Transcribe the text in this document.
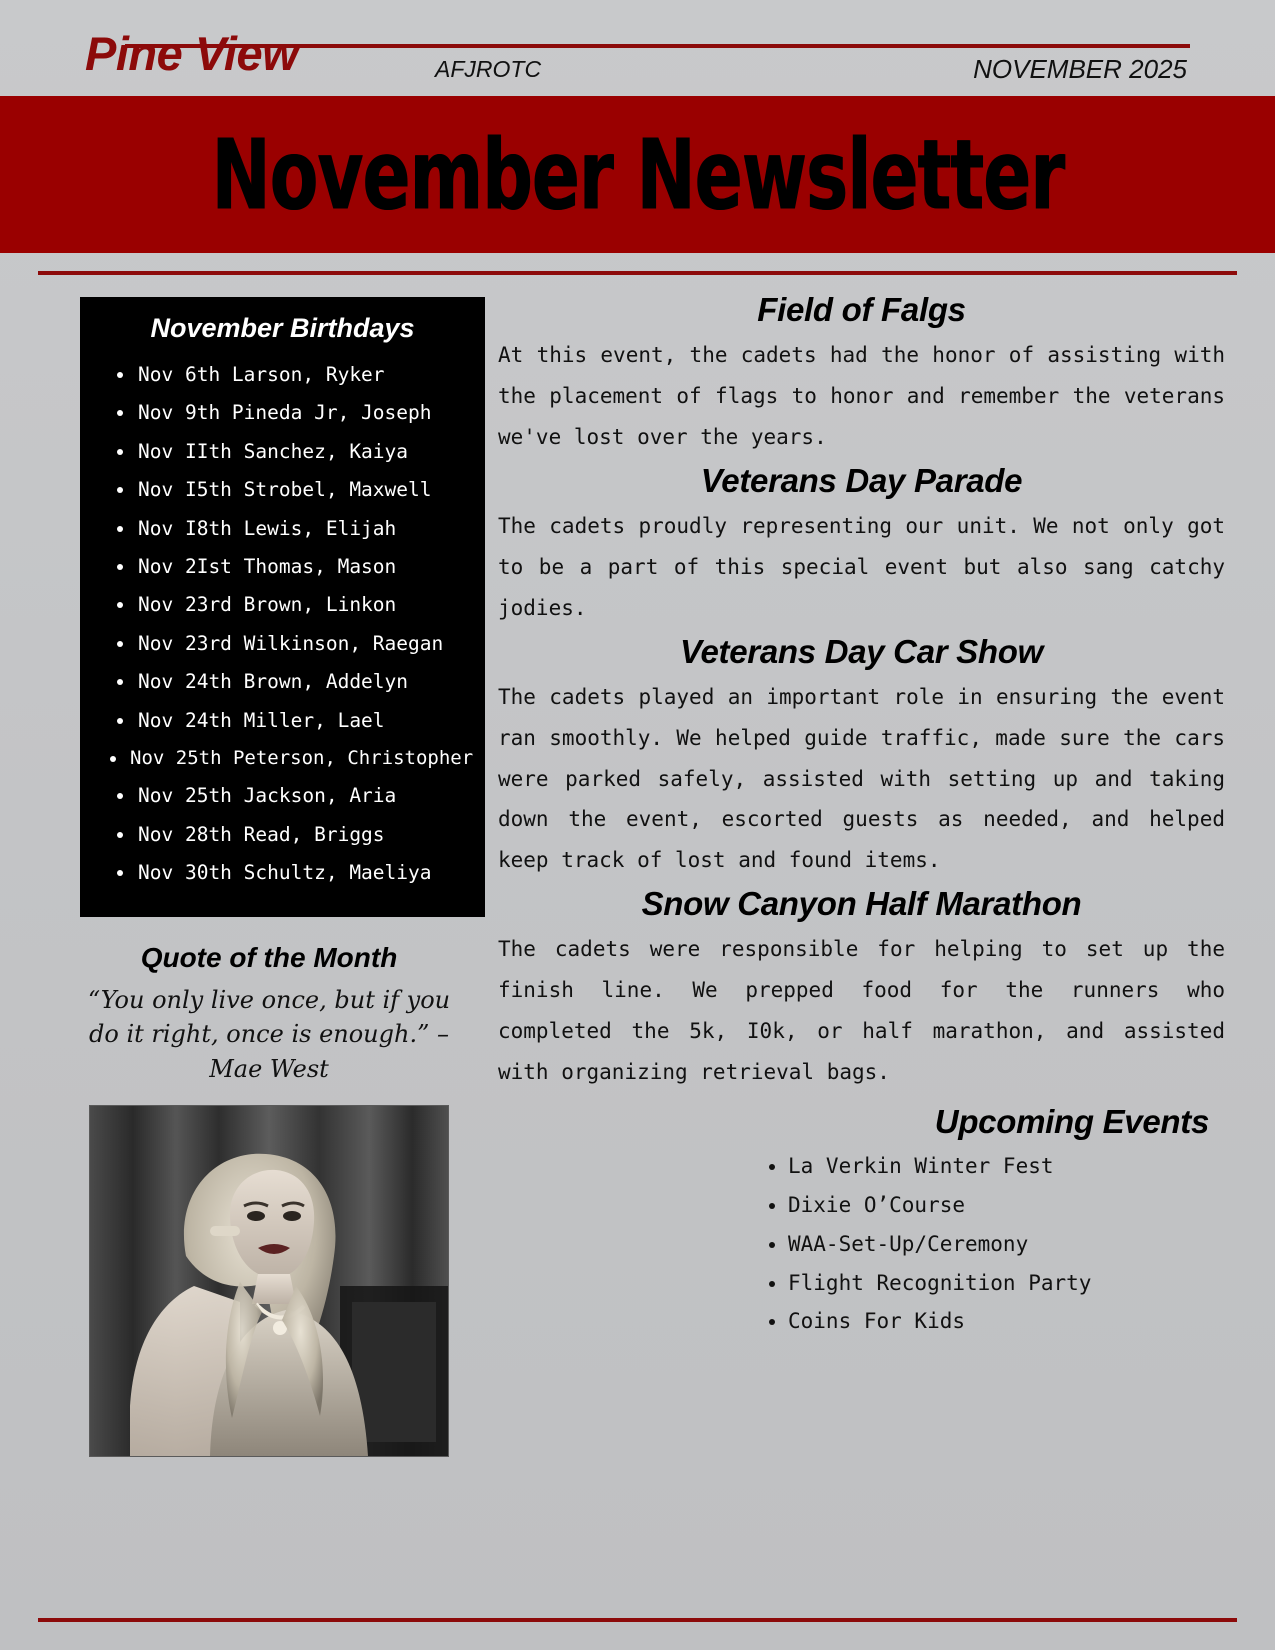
Pine View	AFJROTC	NOVEMBER 2025
November Newsletter
November Birthdays
• Nov 6th Larson, Ryker
• Nov 9th Pineda Jr, Joseph
• Nov IIth Sanchez, Kaiya
• Nov I5th Strobel, Maxwell
• Nov I8th Lewis, Elijah
• Nov 2Ist Thomas, Mason
• Nov 23rd Brown, Linkon
• Nov 23rd Wilkinson, Raegan
• Nov 24th Brown, Addelyn
• Nov 24th Miller, Lael
• Nov 25th Peterson, Christopher
• Nov 25th Jackson, Aria
• Nov 28th Read, Briggs
• Nov 30th Schultz, Maeliya
Quote of the Month
“You only live once, but if you do it right, once is enough.” – Mae West
Field of Falgs

At this event, the cadets had the honor of assisting with the placement of flags to honor and remember the veterans we've lost over the years.

Veterans Day Parade

The cadets proudly representing our unit. We not only got to be a part of this special event but also sang catchy jodies.

Veterans Day Car Show

The cadets played an important role in ensuring the event ran smoothly. We helped guide traffic, made sure the cars were parked safely, assisted with setting up and taking down the event, escorted guests as needed, and helped keep track of lost and found items.

Snow Canyon Half Marathon

The cadets were responsible for helping to set up the finish line. We prepped food for the runners who completed the 5k, I0k, or half marathon, and assisted with organizing retrieval bags.

Upcoming Events
• La Verkin Winter Fest
• Dixie O’Course
• WAA-Set-Up/Ceremony
• Flight Recognition Party
• Coins For Kids
